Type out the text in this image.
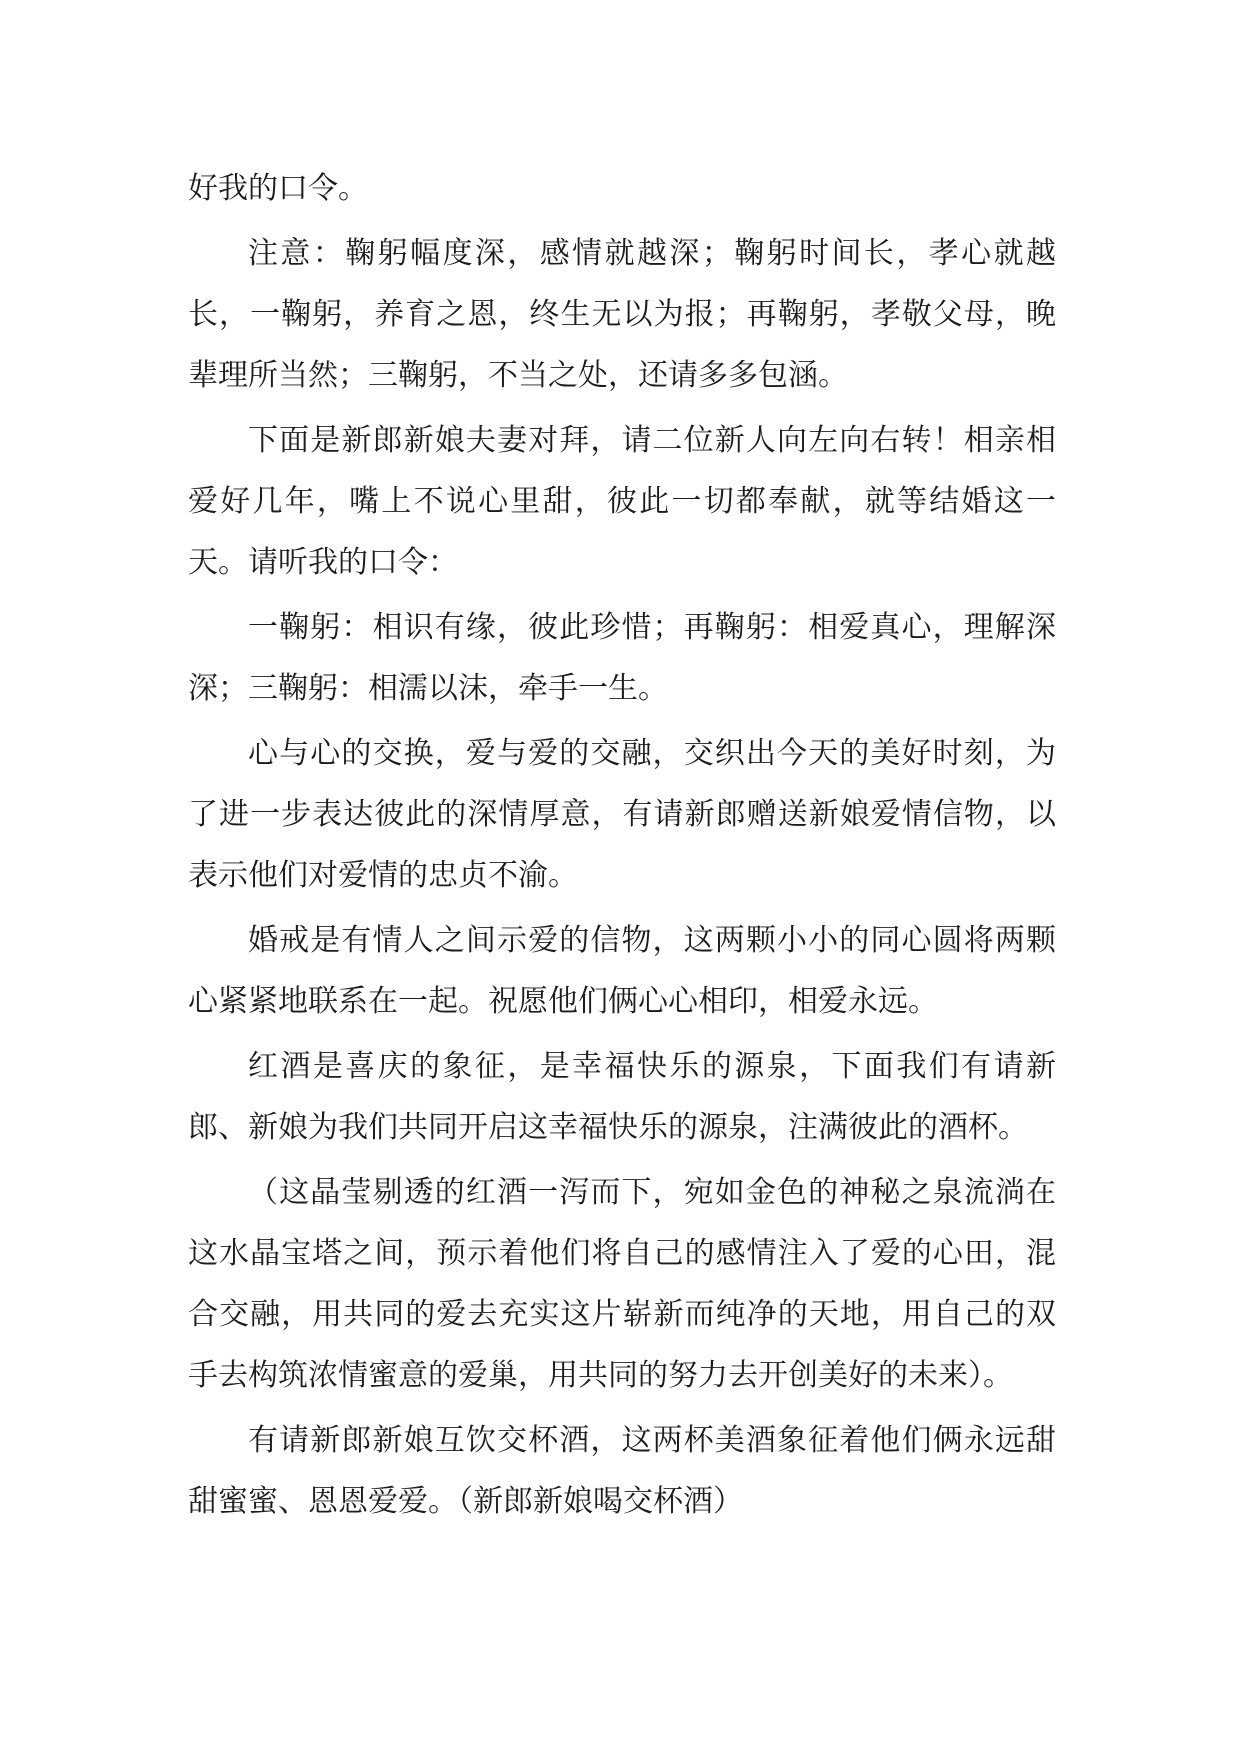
好我的口令。

注意：鞠躬幅度深，感情就越深；鞠躬时间长，孝心就越长，一鞠躬，养育之恩，终生无以为报；再鞠躬，孝敬父母，晚辈理所当然；三鞠躬，不当之处，还请多多包涵。

下面是新郎新娘夫妻对拜，请二位新人向左向右转！相亲相爱好几年，嘴上不说心里甜，彼此一切都奉献，就等结婚这一天。请听我的口令：

一鞠躬：相识有缘，彼此珍惜；再鞠躬：相爱真心，理解深深；三鞠躬：相濡以沫，牵手一生。

心与心的交换，爱与爱的交融，交织出今天的美好时刻，为了进一步表达彼此的深情厚意，有请新郎赠送新娘爱情信物，以表示他们对爱情的忠贞不渝。

婚戒是有情人之间示爱的信物，这两颗小小的同心圆将两颗心紧紧地联系在一起。祝愿他们俩心心相印，相爱永远。

红酒是喜庆的象征，是幸福快乐的源泉，下面我们有请新郎、新娘为我们共同开启这幸福快乐的源泉，注满彼此的酒杯。

（这晶莹剔透的红酒一泻而下，宛如金色的神秘之泉流淌在这水晶宝塔之间，预示着他们将自己的感情注入了爱的心田，混合交融，用共同的爱去充实这片崭新而纯净的天地，用自己的双手去构筑浓情蜜意的爱巢，用共同的努力去开创美好的未来）。

有请新郎新娘互饮交杯酒，这两杯美酒象征着他们俩永远甜甜蜜蜜、恩恩爱爱。（新郎新娘喝交杯酒）
